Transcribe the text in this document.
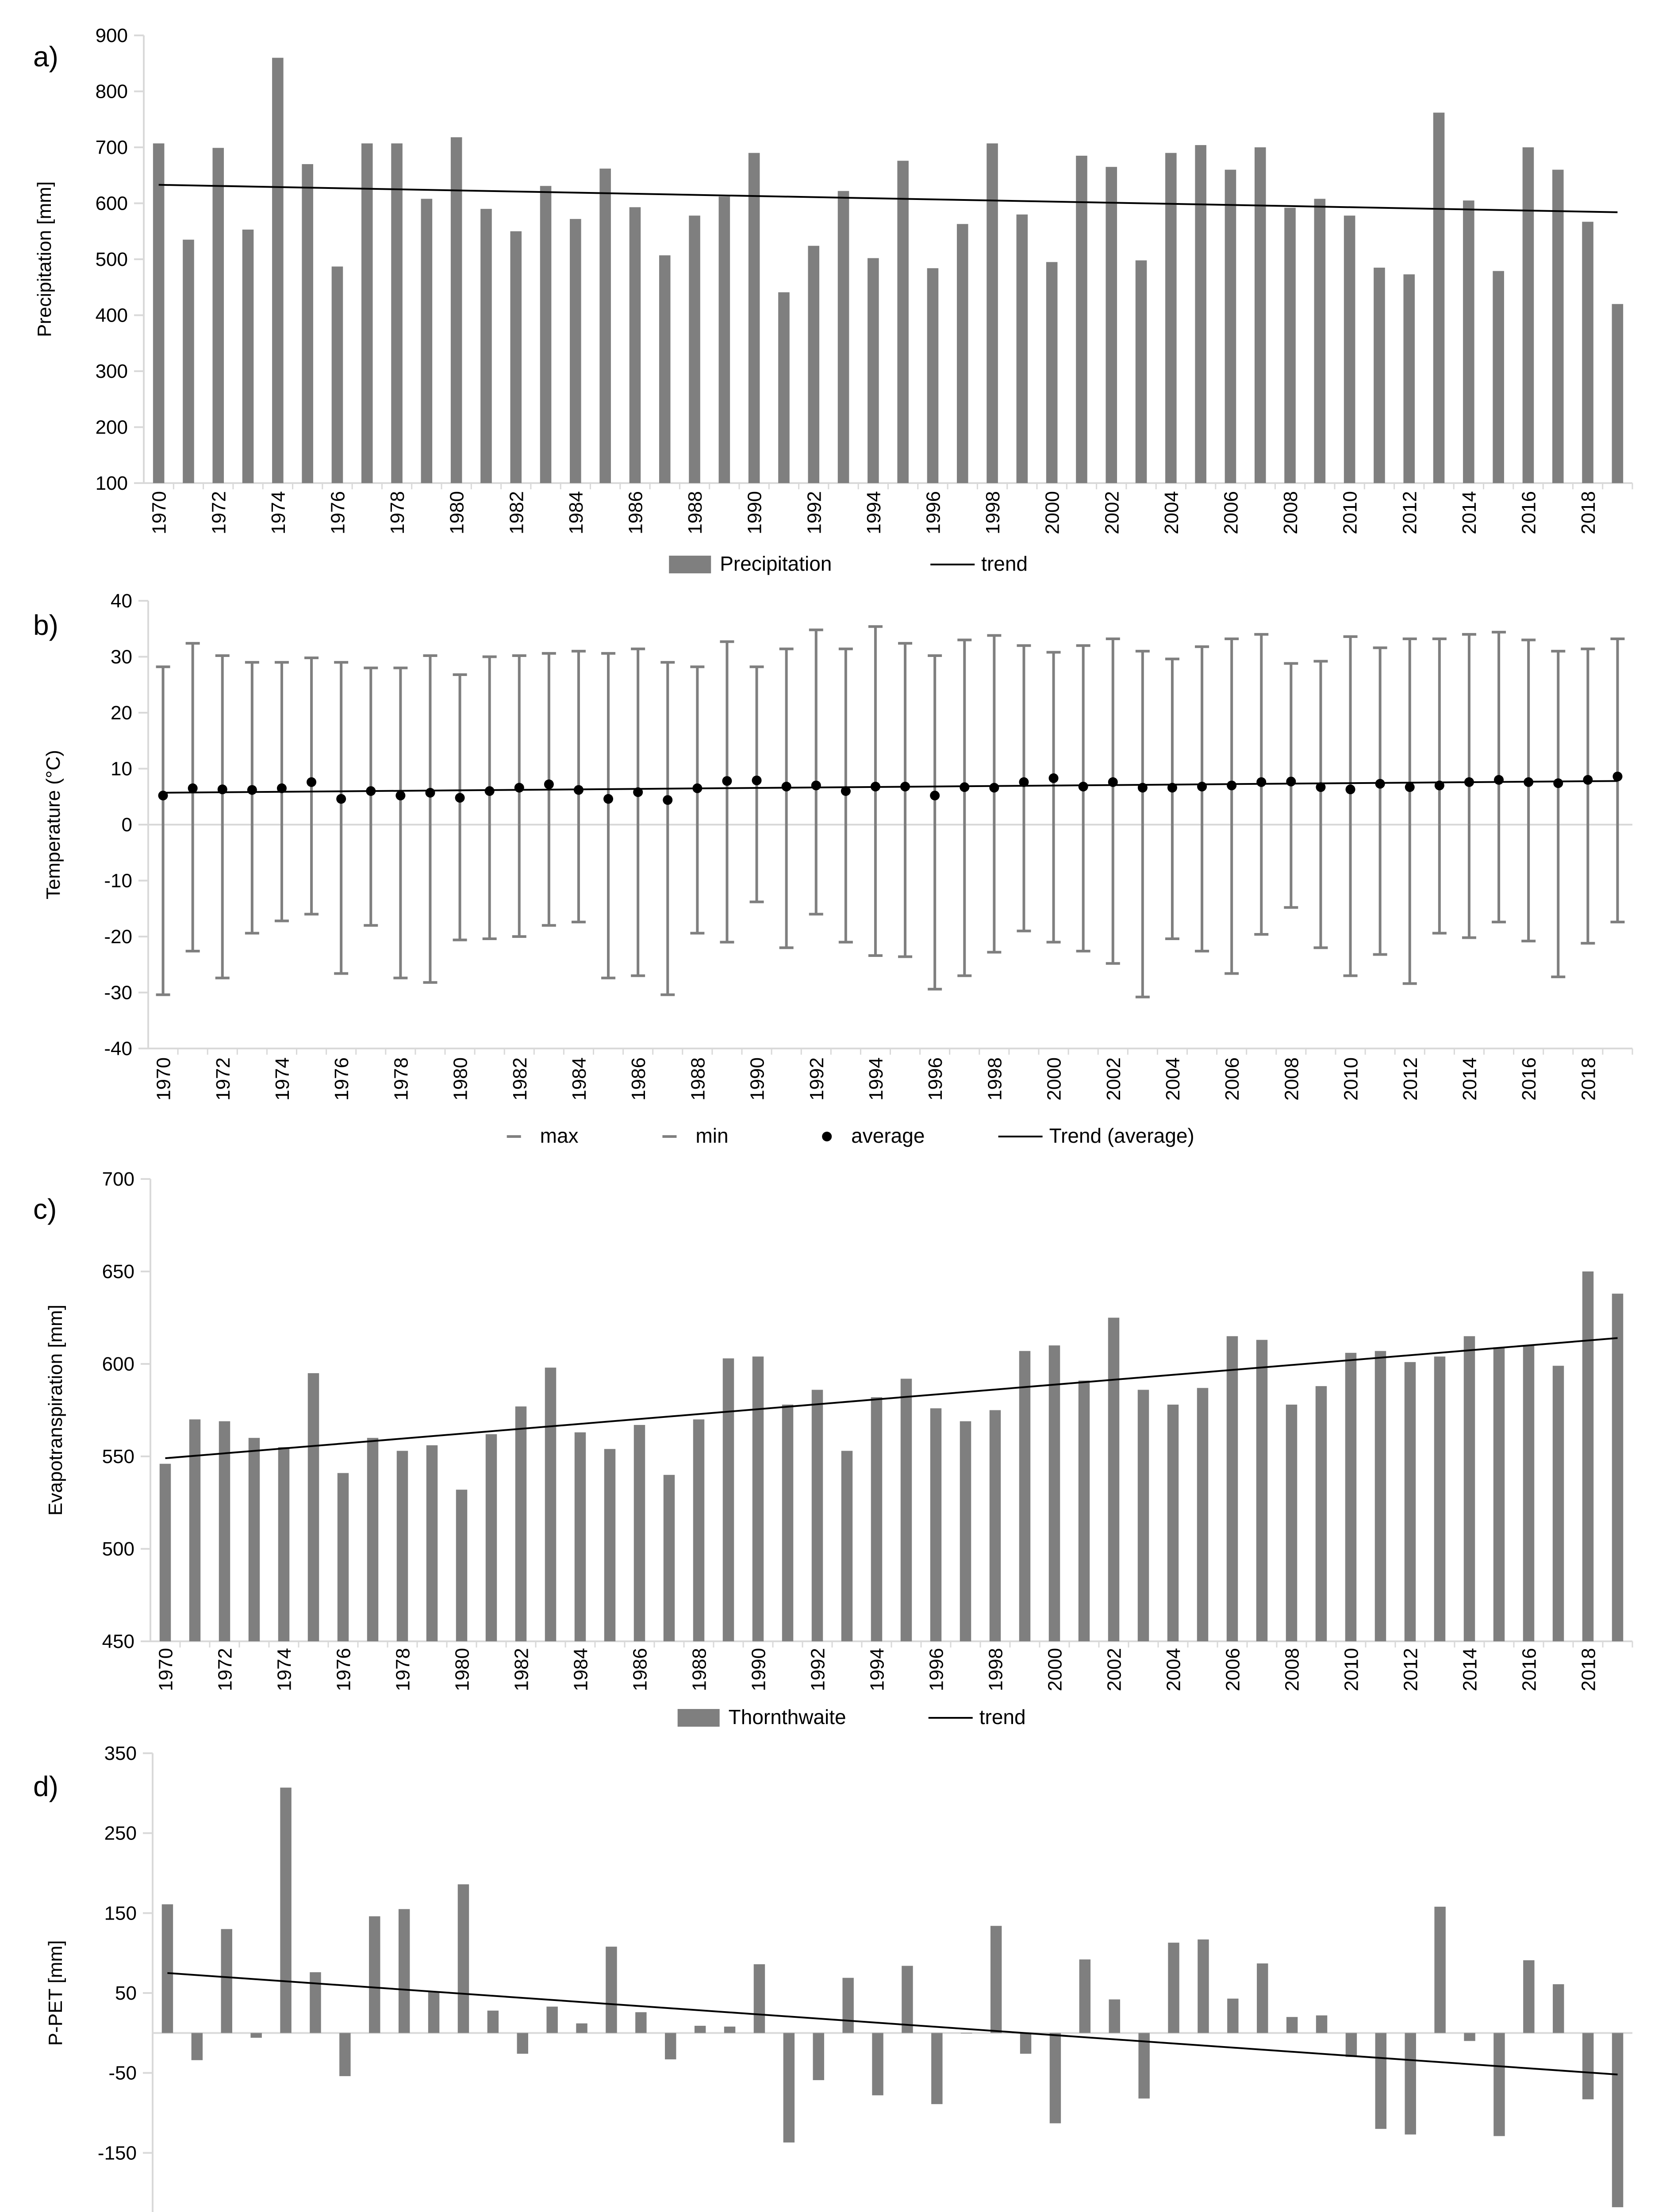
100
200
300
400
500
600
700
800
900
1970 1972 1974 1976 1978 1980 1982 1984 1986 1988 1990 1992 1994 1996 1998 2000 2002 2004 2006 2008 2010 2012 2014 2016 2018
Precipitation [mm]
a)
Precipitation	trend
-40
-30
-20
-10
0
10
20
30
40
1970 1972 1974 1976 1978 1980 1982 1984 1986 1988 1990 1992 1994 1996 1998 2000 2002 2004 2006 2008 2010 2012 2014 2016 2018
Temperature (°C)
b)
max	min	average	Trend (average)
450
500
550
600
650
700
1970 1972 1974 1976 1978 1980 1982 1984 1986 1988 1990 1992 1994 1996 1998 2000 2002 2004 2006 2008 2010 2012 2014 2016 2018
Evapotranspiration [mm]
c)
Thornthwaite	trend
-150
-50
50
150
250
350
P-PET [mm]
d)
